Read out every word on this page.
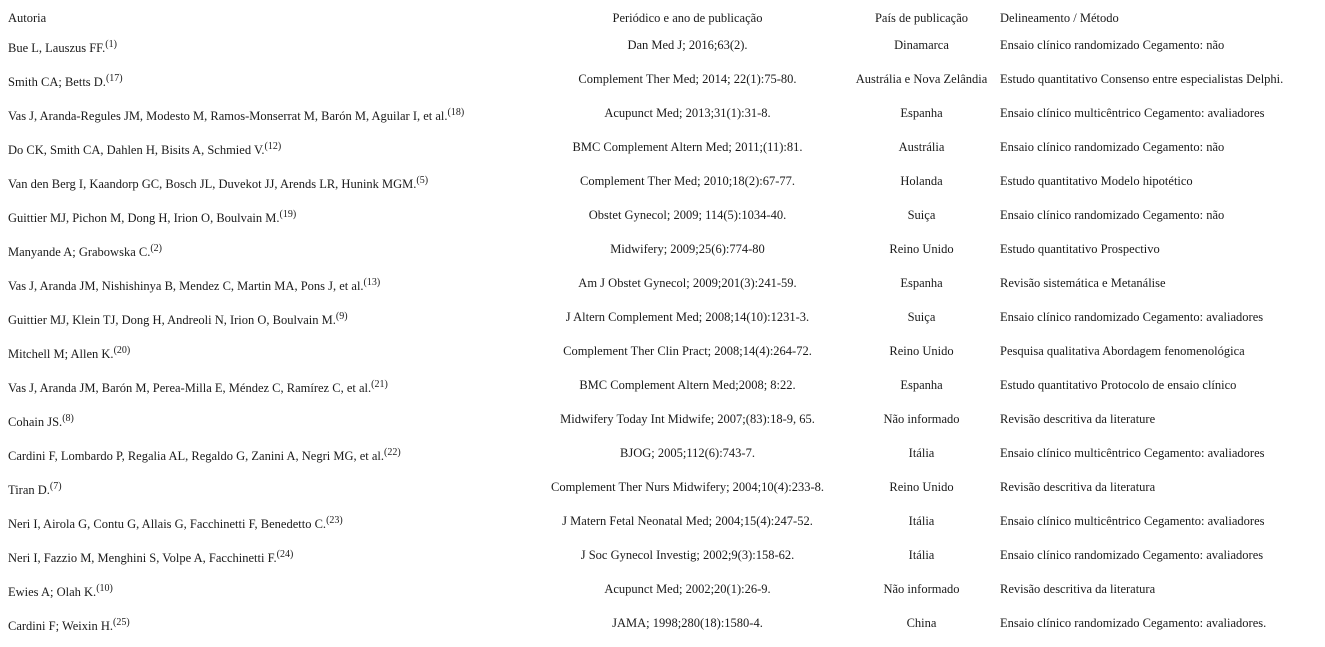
Autoria	Periódico e ano de publicação	País de publicação	Delineamento / Método
Bue L, Lauszus FF.$^{(1)}$	Dan Med J; 2016;63(2).	Dinamarca	Ensaio clínico randomizado Cegamento: não
Smith CA; Betts D.$^{(17)}$	Complement Ther Med; 2014; 22(1):75-80.	Austrália e Nova Zelândia	Estudo quantitativo Consenso entre especialistas Delphi.
Vas J, Aranda-Regules JM, Modesto M, Ramos-Monserrat M, Barón M, Aguilar I, et al.$^{(18)}$	Acupunct Med; 2013;31(1):31-8.	Espanha	Ensaio clínico multicêntrico Cegamento: avaliadores
Do CK, Smith CA, Dahlen H, Bisits A, Schmied V.$^{(12)}$	BMC Complement Altern Med; 2011;(11):81.	Austrália	Ensaio clínico randomizado Cegamento: não
Van den Berg I, Kaandorp GC, Bosch JL, Duvekot JJ, Arends LR, Hunink MGM.$^{(5)}$	Complement Ther Med; 2010;18(2):67-77.	Holanda	Estudo quantitativo Modelo hipotético
Guittier MJ, Pichon M, Dong H, Irion O, Boulvain M.$^{(19)}$	Obstet Gynecol; 2009; 114(5):1034-40.	Suiça	Ensaio clínico randomizado Cegamento: não
Manyande A; Grabowska C.$^{(2)}$	Midwifery; 2009;25(6):774-80	Reino Unido	Estudo quantitativo Prospectivo
Vas J, Aranda JM, Nishishinya B, Mendez C, Martin MA, Pons J, et al.$^{(13)}$	Am J Obstet Gynecol; 2009;201(3):241-59.	Espanha	Revisão sistemática e Metanálise
Guittier MJ, Klein TJ, Dong H, Andreoli N, Irion O, Boulvain M.$^{(9)}$	J Altern Complement Med; 2008;14(10):1231-3.	Suiça	Ensaio clínico randomizado Cegamento: avaliadores
Mitchell M; Allen K.$^{(20)}$	Complement Ther Clin Pract; 2008;14(4):264-72.	Reino Unido	Pesquisa qualitativa Abordagem fenomenológica
Vas J, Aranda JM, Barón M, Perea-Milla E, Méndez C, Ramírez C, et al.$^{(21)}$	BMC Complement Altern Med;2008; 8:22.	Espanha	Estudo quantitativo Protocolo de ensaio clínico
Cohain JS.$^{(8)}$	Midwifery Today Int Midwife; 2007;(83):18-9, 65.	Não informado	Revisão descritiva da literature
Cardini F, Lombardo P, Regalia AL, Regaldo G, Zanini A, Negri MG, et al.$^{(22)}$	BJOG; 2005;112(6):743-7.	Itália	Ensaio clínico multicêntrico Cegamento: avaliadores
Tiran D.$^{(7)}$	Complement Ther Nurs Midwifery; 2004;10(4):233-8.	Reino Unido	Revisão descritiva da literatura
Neri I, Airola G, Contu G, Allais G, Facchinetti F, Benedetto C.$^{(23)}$	J Matern Fetal Neonatal Med; 2004;15(4):247-52.	Itália	Ensaio clínico multicêntrico Cegamento: avaliadores
Neri I, Fazzio M, Menghini S, Volpe A, Facchinetti F.$^{(24)}$	J Soc Gynecol Investig; 2002;9(3):158-62.	Itália	Ensaio clínico randomizado Cegamento: avaliadores
Ewies A; Olah K.$^{(10)}$	Acupunct Med; 2002;20(1):26-9.	Não informado	Revisão descritiva da literatura
Cardini F; Weixin H.$^{(25)}$	JAMA; 1998;280(18):1580-4.	China	Ensaio clínico randomizado Cegamento: avaliadores.
